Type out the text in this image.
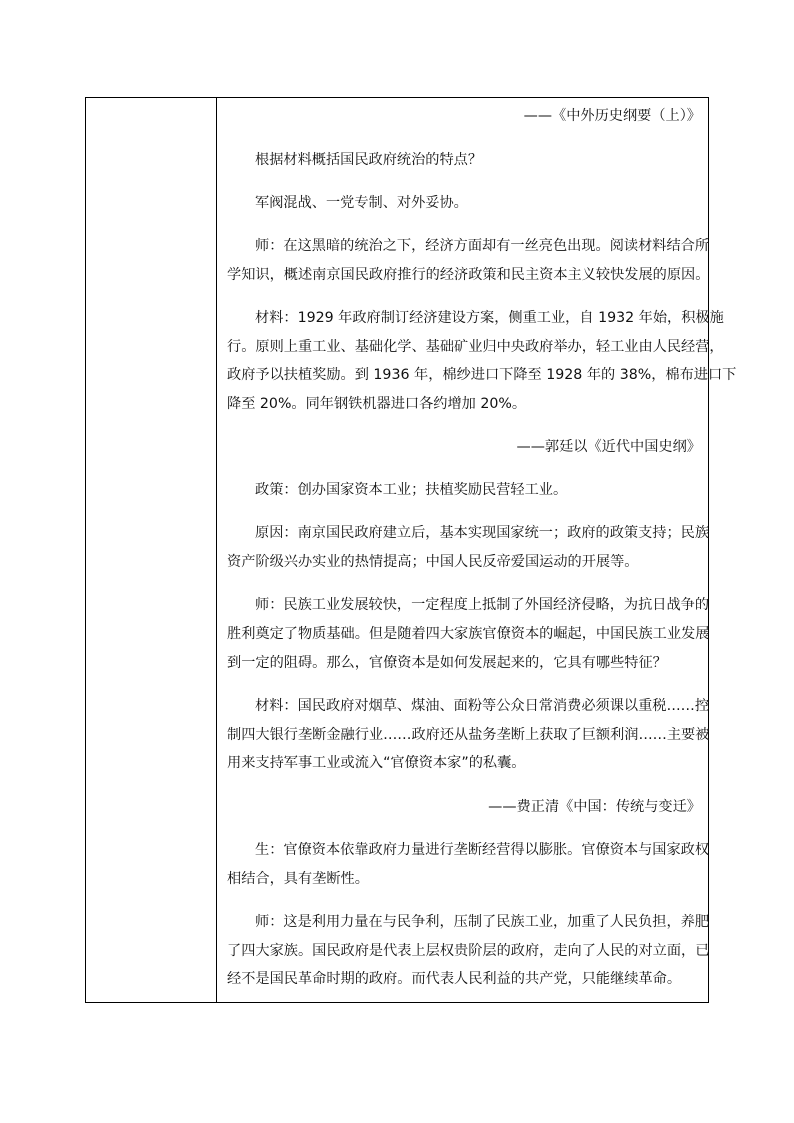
——《中外历史纲要（上）》

根据材料概括国民政府统治的特点？

军阀混战、一党专制、对外妥协。

师：在这黑暗的统治之下，经济方面却有一丝亮色出现。阅读材料结合所

学知识，概述南京国民政府推行的经济政策和民主资本主义较快发展的原因。

材料：1929 年政府制订经济建设方案，侧重工业，自 1932 年始，积极施

行。原则上重工业、基础化学、基础矿业归中央政府举办，轻工业由人民经营，

政府予以扶植奖励。到 1936 年，棉纱进口下降至 1928 年的 38%，棉布进口下

降至 20%。同年钢铁机器进口各约增加 20%。

——郭廷以《近代中国史纲》

政策：创办国家资本工业；扶植奖励民营轻工业。

原因：南京国民政府建立后，基本实现国家统一；政府的政策支持；民族

资产阶级兴办实业的热情提高；中国人民反帝爱国运动的开展等。

师：民族工业发展较快，一定程度上抵制了外国经济侵略，为抗日战争的

胜利奠定了物质基础。但是随着四大家族官僚资本的崛起，中国民族工业发展

到一定的阻碍。那么，官僚资本是如何发展起来的，它具有哪些特征？

材料：国民政府对烟草、煤油、面粉等公众日常消费必须课以重税……控

制四大银行垄断金融行业……政府还从盐务垄断上获取了巨额利润……主要被

用来支持军事工业或流入“官僚资本家”的私囊。

——费正清《中国：传统与变迁》

生：官僚资本依靠政府力量进行垄断经营得以膨胀。官僚资本与国家政权

相结合，具有垄断性。

师：这是利用力量在与民争利，压制了民族工业，加重了人民负担，养肥

了四大家族。国民政府是代表上层权贵阶层的政府，走向了人民的对立面，已

经不是国民革命时期的政府。而代表人民利益的共产党，只能继续革命。
